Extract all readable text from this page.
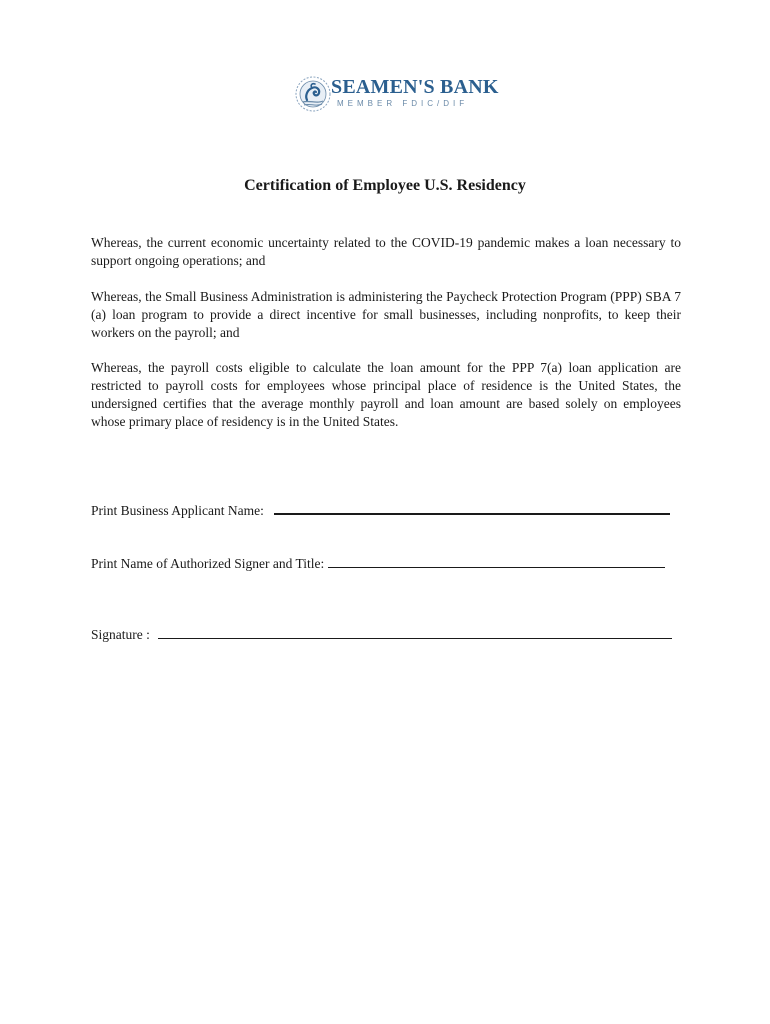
SEAMEN'S BANK
MEMBER FDIC/DIF
Certification of Employee U.S. Residency

Whereas, the current economic uncertainty related to the COVID-19 pandemic makes a loan necessary to support ongoing operations; and

Whereas, the Small Business Administration is administering the Paycheck Protection Program (PPP) SBA 7 (a) loan program to provide a direct incentive for small businesses, including nonprofits, to keep their workers on the payroll; and

Whereas, the payroll costs eligible to calculate the loan amount for the PPP 7(a) loan application are restricted to payroll costs for employees whose principal place of residence is the United States, the undersigned certifies that the average monthly payroll and loan amount are based solely on employees whose primary place of residency is in the United States.

Print Business Applicant Name:
Print Name of Authorized Signer and Title:
Signature :
